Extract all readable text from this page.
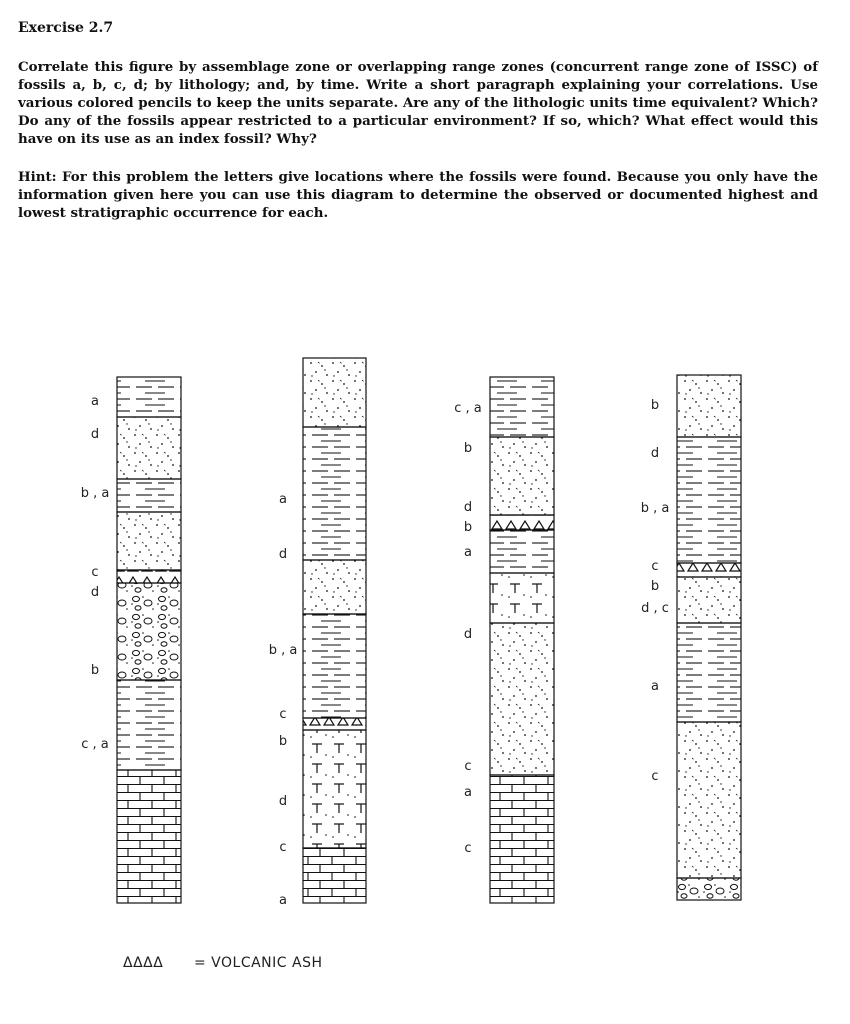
Exercise 2.7

Correlate this figure by assemblage zone or overlapping range zones (concurrent range zone of ISSC) of fossils a, b, c, d; by lithology; and, by time. Write a short paragraph explaining your correlations. Use various colored pencils to keep the units separate. Are any of the lithologic units time equivalent? Which? Do any of the fossils appear restricted to a particular environment? If so, which? What effect would this have on its use as an index fossil? Why?

Hint: For this problem the letters give locations where the fossils were found. Because you only have the information given here you can use this diagram to determine the observed or documented highest and lowest stratigraphic occurrence for each.

a
d
b , a
c
d
b
c , a
a
d
b , a
c
b
d
c
a
c , a
b
d
b
a
d
c
a
c
b
d
b , a
c
b
d , c
a
c
ΔΔΔΔ = VOLCANIC ASH
